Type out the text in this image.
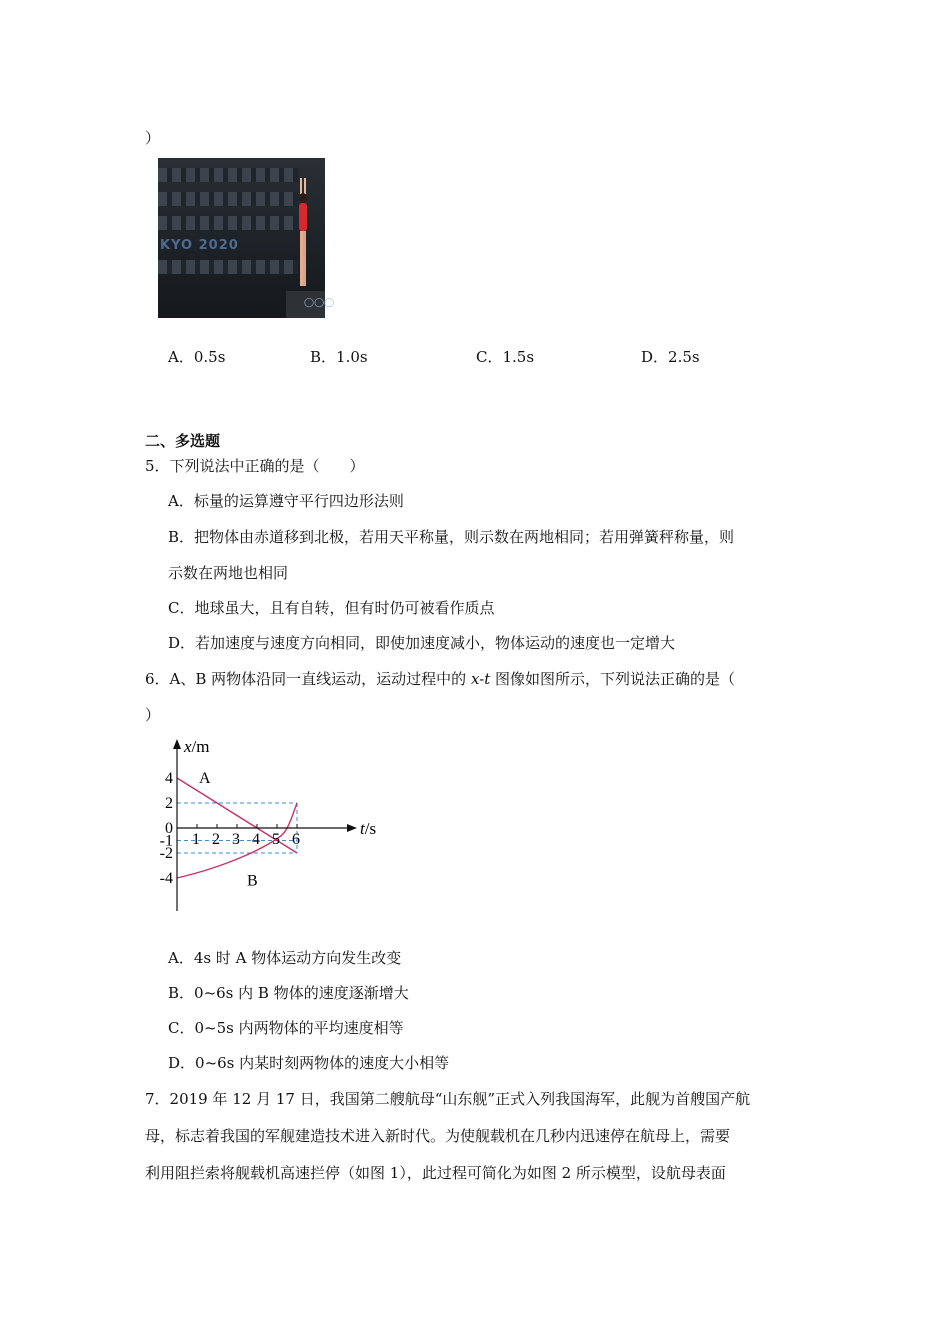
）
KYO 2020
◯◯◯
A．0.5s	B．1.0s	C．1.5s	D．2.5s
二、多选题
5．下列说法中正确的是（　　）
A．标量的运算遵守平行四边形法则
B．把物体由赤道移到北极，若用天平称量，则示数在两地相同；若用弹簧秤称量，则
示数在两地也相同
C．地球虽大，且有自转，但有时仍可被看作质点
D．若加速度与速度方向相同，即使加速度减小，物体运动的速度也一定增大
6．A、B 两物体沿同一直线运动，运动过程中的 x-t 图像如图所示，下列说法正确的是（
）
A
B
x/m
t/s
1 2 3 4 5 6
4
2
0
-1
-2
-4
A．4s 时 A 物体运动方向发生改变
B．0~6s 内 B 物体的速度逐渐增大
C．0~5s 内两物体的平均速度相等
D．0~6s 内某时刻两物体的速度大小相等
7．2019 年 12 月 17 日，我国第二艘航母“山东舰”正式入列我国海军，此舰为首艘国产航
母，标志着我国的军舰建造技术进入新时代。为使舰载机在几秒内迅速停在航母上，需要
利用阻拦索将舰载机高速拦停（如图 1），此过程可简化为如图 2 所示模型，设航母表面
